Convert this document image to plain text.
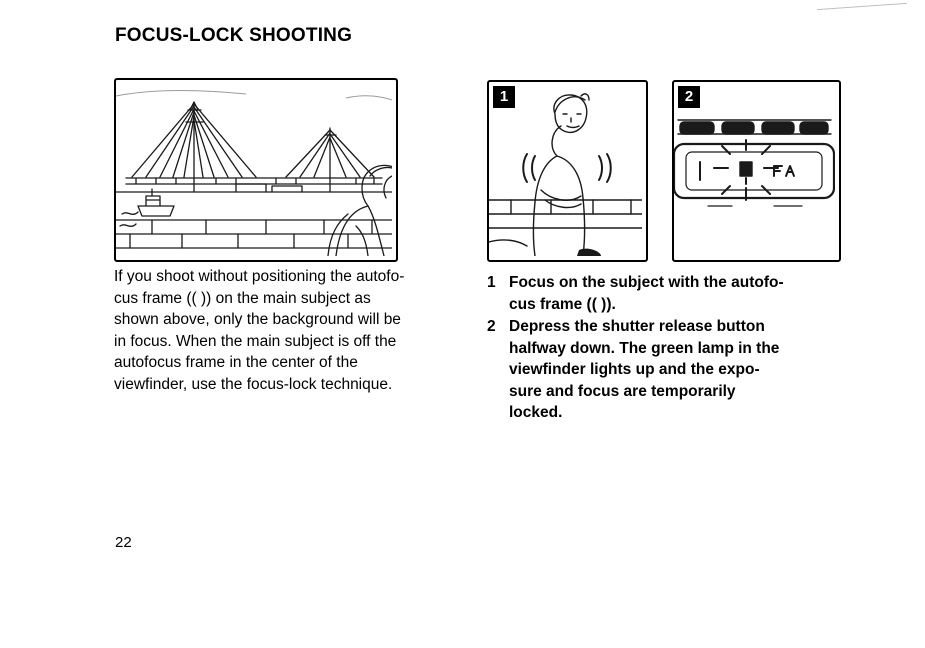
FOCUS-LOCK SHOOTING
1	2
If you shoot without positioning the autofo-
cus frame (( )) on the main subject as
shown above, only the background will be
in focus. When the main subject is off the
autofocus frame in the center of the
viewfinder, use the focus-lock technique.
1 Focus on the subject with the autofo-
cus frame (( )).
2 Depress the shutter release button
halfway down. The green lamp in the
viewfinder lights up and the expo-
sure and focus are temporarily
locked.
22
